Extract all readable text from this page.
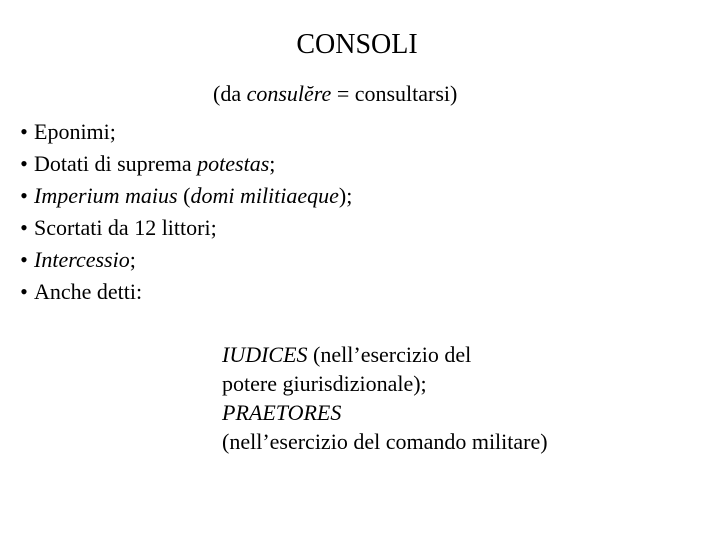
CONSOLI
(da consulĕre = consultarsi)
• Eponimi;
• Dotati di suprema potestas;
• Imperium maius (domi militiaeque);
• Scortati da 12 littori;
• Intercessio;
• Anche detti:
IUDICES (nell’esercizio del
potere giurisdizionale);
PRAETORES
(nell’esercizio del comando militare)
